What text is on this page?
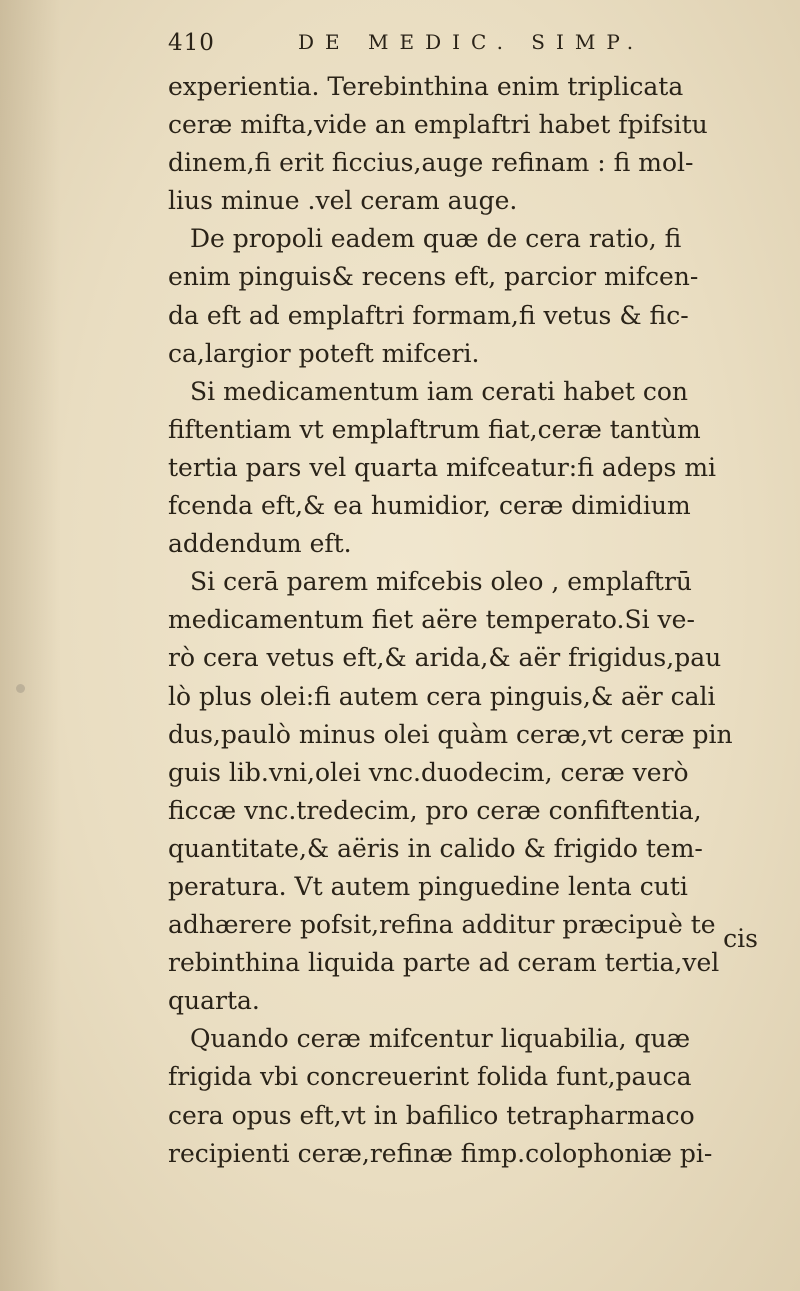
410	DE MEDIC. SIMP.
experientia. Terebinthina enim triplicata
ceræ mifta,vide an emplaftri habet fpifsitu
dinem,fi erit ficcius,auge refinam : fi mol-
lius minue .vel ceram auge.
De propoli eadem quæ de cera ratio, fi
enim pinguis& recens eft, parcior mifcen-
da eft ad emplaftri formam,fi vetus & fic-
ca,largior poteft mifceri.
Si medicamentum iam cerati habet con
fiftentiam vt emplaftrum fiat,ceræ tantùm
tertia pars vel quarta mifceatur:fi adeps mi
fcenda eft,& ea humidior, ceræ dimidium
addendum eft.
Si cerā parem mifcebis oleo , emplaftrū
medicamentum fiet aëre temperato.Si ve-
rò cera vetus eft,& arida,& aër frigidus,pau
lò plus olei:fi autem cera pinguis,& aër cali
dus,paulò minus olei quàm ceræ,vt ceræ pin
guis lib.vni,olei vnc.duodecim, ceræ verò
ficcæ vnc.tredecim, pro ceræ confiftentia,
quantitate,& aëris in calido & frigido tem-
peratura. Vt autem pinguedine lenta cuti
adhærere pofsit,refina additur præcipuè te
rebinthina liquida parte ad ceram tertia,vel
quarta.
Quando ceræ mifcentur liquabilia, quæ
frigida vbi concreuerint folida funt,pauca
cera opus eft,vt in bafilico tetrapharmaco
recipienti ceræ,refinæ fimp.colophoniæ pi-
cis
